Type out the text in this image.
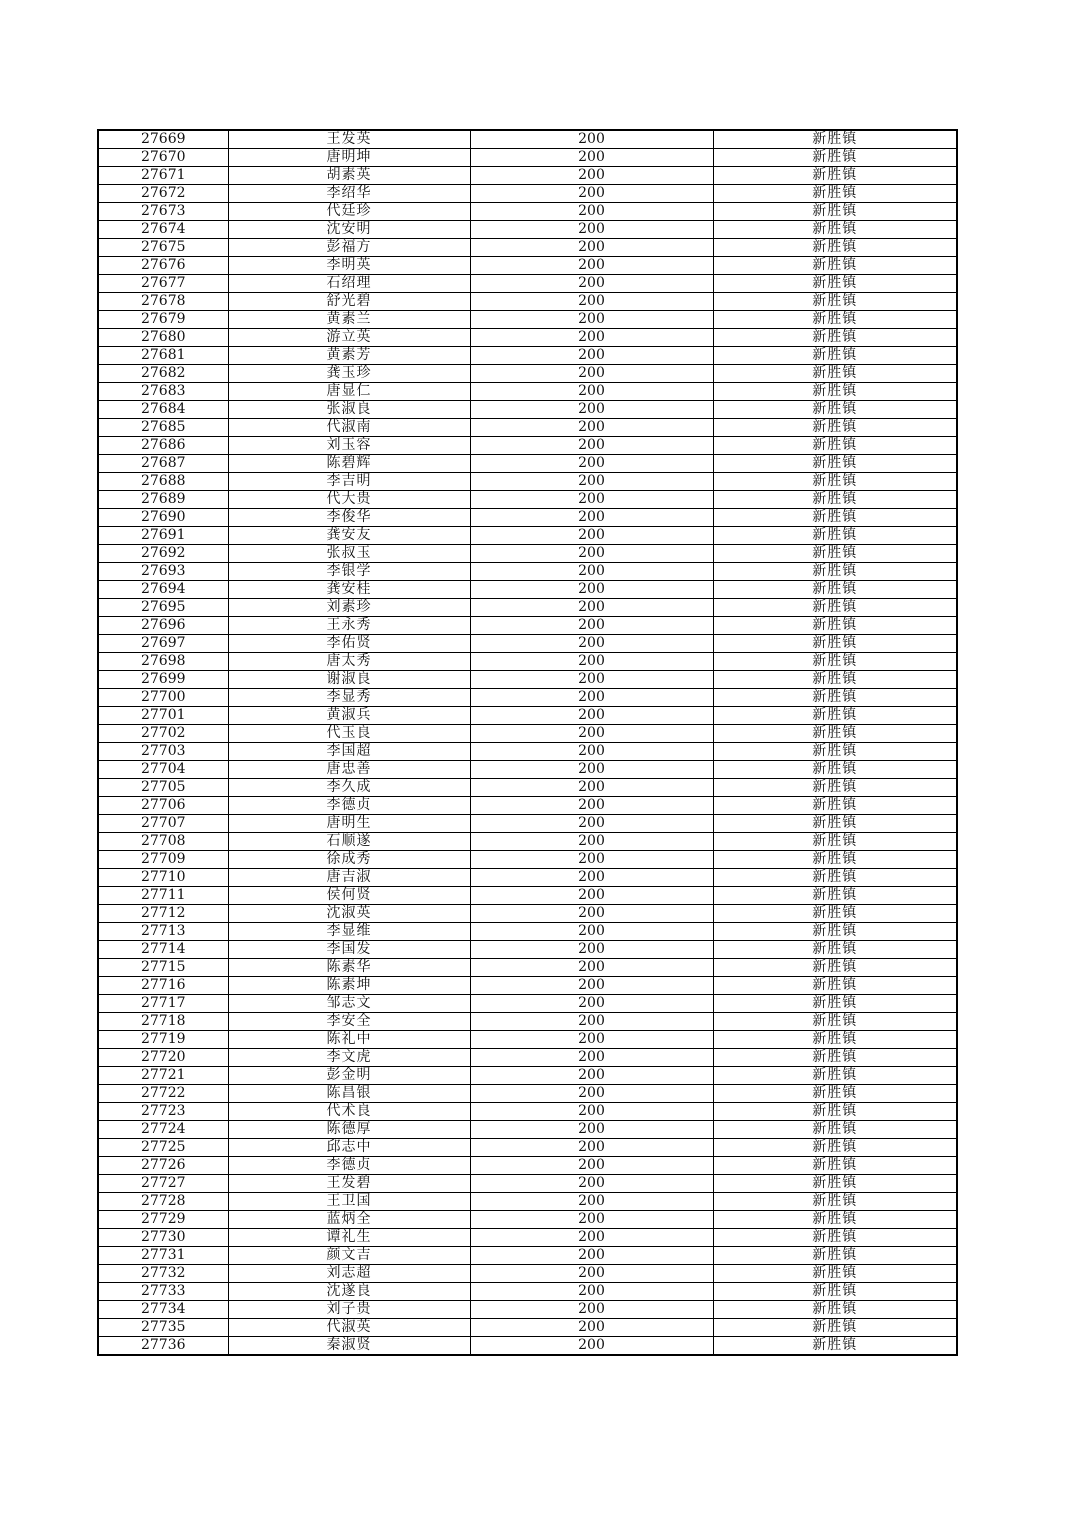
27669	王发英	200	新胜镇
27670	唐明坤	200	新胜镇
27671	胡素英	200	新胜镇
27672	李绍华	200	新胜镇
27673	代廷珍	200	新胜镇
27674	沈安明	200	新胜镇
27675	彭福方	200	新胜镇
27676	李明英	200	新胜镇
27677	石绍理	200	新胜镇
27678	舒光碧	200	新胜镇
27679	黄素兰	200	新胜镇
27680	游立英	200	新胜镇
27681	黄素芳	200	新胜镇
27682	龚玉珍	200	新胜镇
27683	唐显仁	200	新胜镇
27684	张淑良	200	新胜镇
27685	代淑南	200	新胜镇
27686	刘玉容	200	新胜镇
27687	陈碧辉	200	新胜镇
27688	李吉明	200	新胜镇
27689	代大贵	200	新胜镇
27690	李俊华	200	新胜镇
27691	龚安友	200	新胜镇
27692	张叔玉	200	新胜镇
27693	李银学	200	新胜镇
27694	龚安桂	200	新胜镇
27695	刘素珍	200	新胜镇
27696	王永秀	200	新胜镇
27697	李佑贤	200	新胜镇
27698	唐太秀	200	新胜镇
27699	谢淑良	200	新胜镇
27700	李显秀	200	新胜镇
27701	黄淑兵	200	新胜镇
27702	代玉良	200	新胜镇
27703	李国超	200	新胜镇
27704	唐忠善	200	新胜镇
27705	李久成	200	新胜镇
27706	李德贞	200	新胜镇
27707	唐明生	200	新胜镇
27708	石顺遂	200	新胜镇
27709	徐成秀	200	新胜镇
27710	唐吉淑	200	新胜镇
27711	侯何贤	200	新胜镇
27712	沈淑英	200	新胜镇
27713	李显维	200	新胜镇
27714	李国发	200	新胜镇
27715	陈素华	200	新胜镇
27716	陈素坤	200	新胜镇
27717	邹志文	200	新胜镇
27718	李安全	200	新胜镇
27719	陈礼中	200	新胜镇
27720	李文虎	200	新胜镇
27721	彭金明	200	新胜镇
27722	陈昌银	200	新胜镇
27723	代术良	200	新胜镇
27724	陈德厚	200	新胜镇
27725	邱志中	200	新胜镇
27726	李德贞	200	新胜镇
27727	王发碧	200	新胜镇
27728	王卫国	200	新胜镇
27729	蓝炳全	200	新胜镇
27730	谭礼生	200	新胜镇
27731	颜文吉	200	新胜镇
27732	刘志超	200	新胜镇
27733	沈遂良	200	新胜镇
27734	刘子贵	200	新胜镇
27735	代淑英	200	新胜镇
27736	秦淑贤	200	新胜镇
